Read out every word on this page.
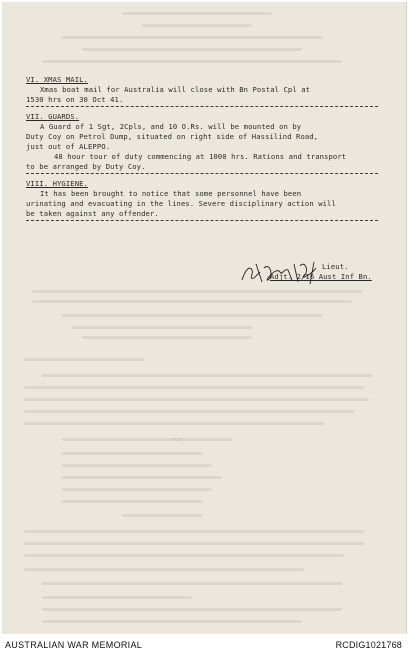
VI. XMAS MAIL.
Xmas boat mail for Australia will close with Bn Postal Cpl at
1530 hrs on 30 Oct 41.
VII. GUARDS.
A Guard of 1 Sgt, 2Cpls, and 10 O.Rs. will be mounted on by
Duty Coy on Petrol Dump, situated on right side of Hassilind Road,
just out of ALEPPO.
48 hour tour of duty commencing at 1000 hrs. Rations and transport
to be arranged by Duty Coy.
VIII. HYGIENE.
It has been brought to notice that some personnel have been
urinating and evacuating in the lines. Severe disciplinary action will
be taken against any offender.
Lieut.
Adjt. 2/16 Aust Inf Bn.
AUSTRALIAN WAR MEMORIAL	RCDIG1021768
